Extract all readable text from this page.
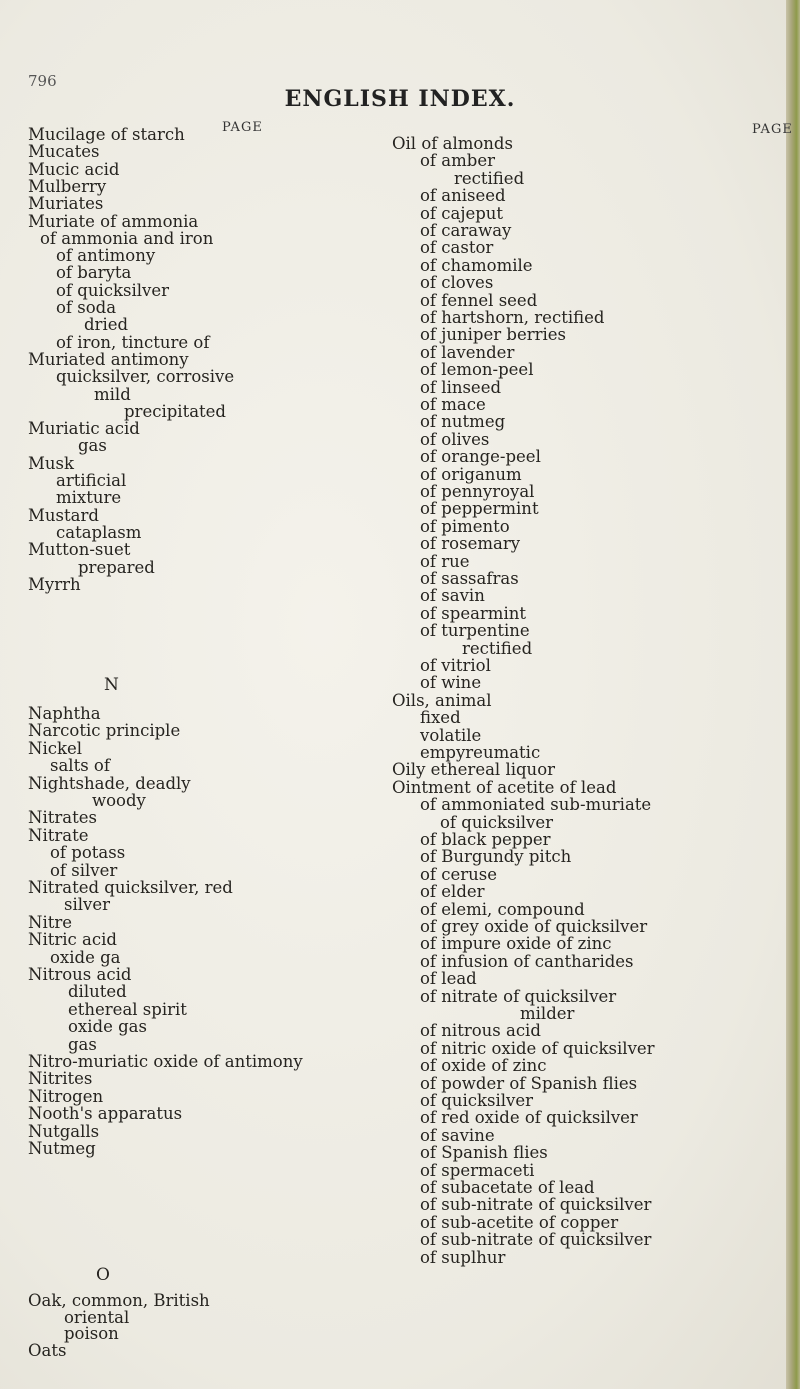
796
ENGLISH INDEX.
PAGE	PAGE
Mucilage of starch
Mucates
Mucic acid
Mulberry
Muriates
Muriate of ammonia
of ammonia and iron
of antimony
of baryta
of quicksilver
of soda
dried
of iron, tincture of
Muriated antimony
quicksilver, corrosive
mild
precipitated
Muriatic acid
gas
Musk
artificial
mixture
Mustard
cataplasm
Mutton-suet
prepared
Myrrh
N
Naphtha
Narcotic principle
Nickel
salts of
Nightshade, deadly
woody
Nitrates
Nitrate
of potass
of silver
Nitrated quicksilver, red
silver
Nitre
Nitric acid
oxide ga
Nitrous acid
diluted
ethereal spirit
oxide gas
gas
Nitro-muriatic oxide of antimony
Nitrites
Nitrogen
Nooth's apparatus
Nutgalls
Nutmeg
O
Oak, common, British
oriental
poison
Oats
Oil of almonds
of amber
rectified
of aniseed
of cajeput
of caraway
of castor
of chamomile
of cloves
of fennel seed
of hartshorn, rectified
of juniper berries
of lavender
of lemon-peel
of linseed
of mace
of nutmeg
of olives
of orange-peel
of origanum
of pennyroyal
of peppermint
of pimento
of rosemary
of rue
of sassafras
of savin
of spearmint
of turpentine
rectified
of vitriol
of wine
Oils, animal
fixed
volatile
empyreumatic
Oily ethereal liquor
Ointment of acetite of lead
of ammoniated sub-muriate
of quicksilver
of black pepper
of Burgundy pitch
of ceruse
of elder
of elemi, compound
of grey oxide of quicksilver
of impure oxide of zinc
of infusion of cantharides
of lead
of nitrate of quicksilver
milder
of nitrous acid
of nitric oxide of quicksilver
of oxide of zinc
of powder of Spanish flies
of quicksilver
of red oxide of quicksilver
of savine
of Spanish flies
of spermaceti
of subacetate of lead
of sub-nitrate of quicksilver
of sub-acetite of copper
of sub-nitrate of quicksilver
of suplhur
